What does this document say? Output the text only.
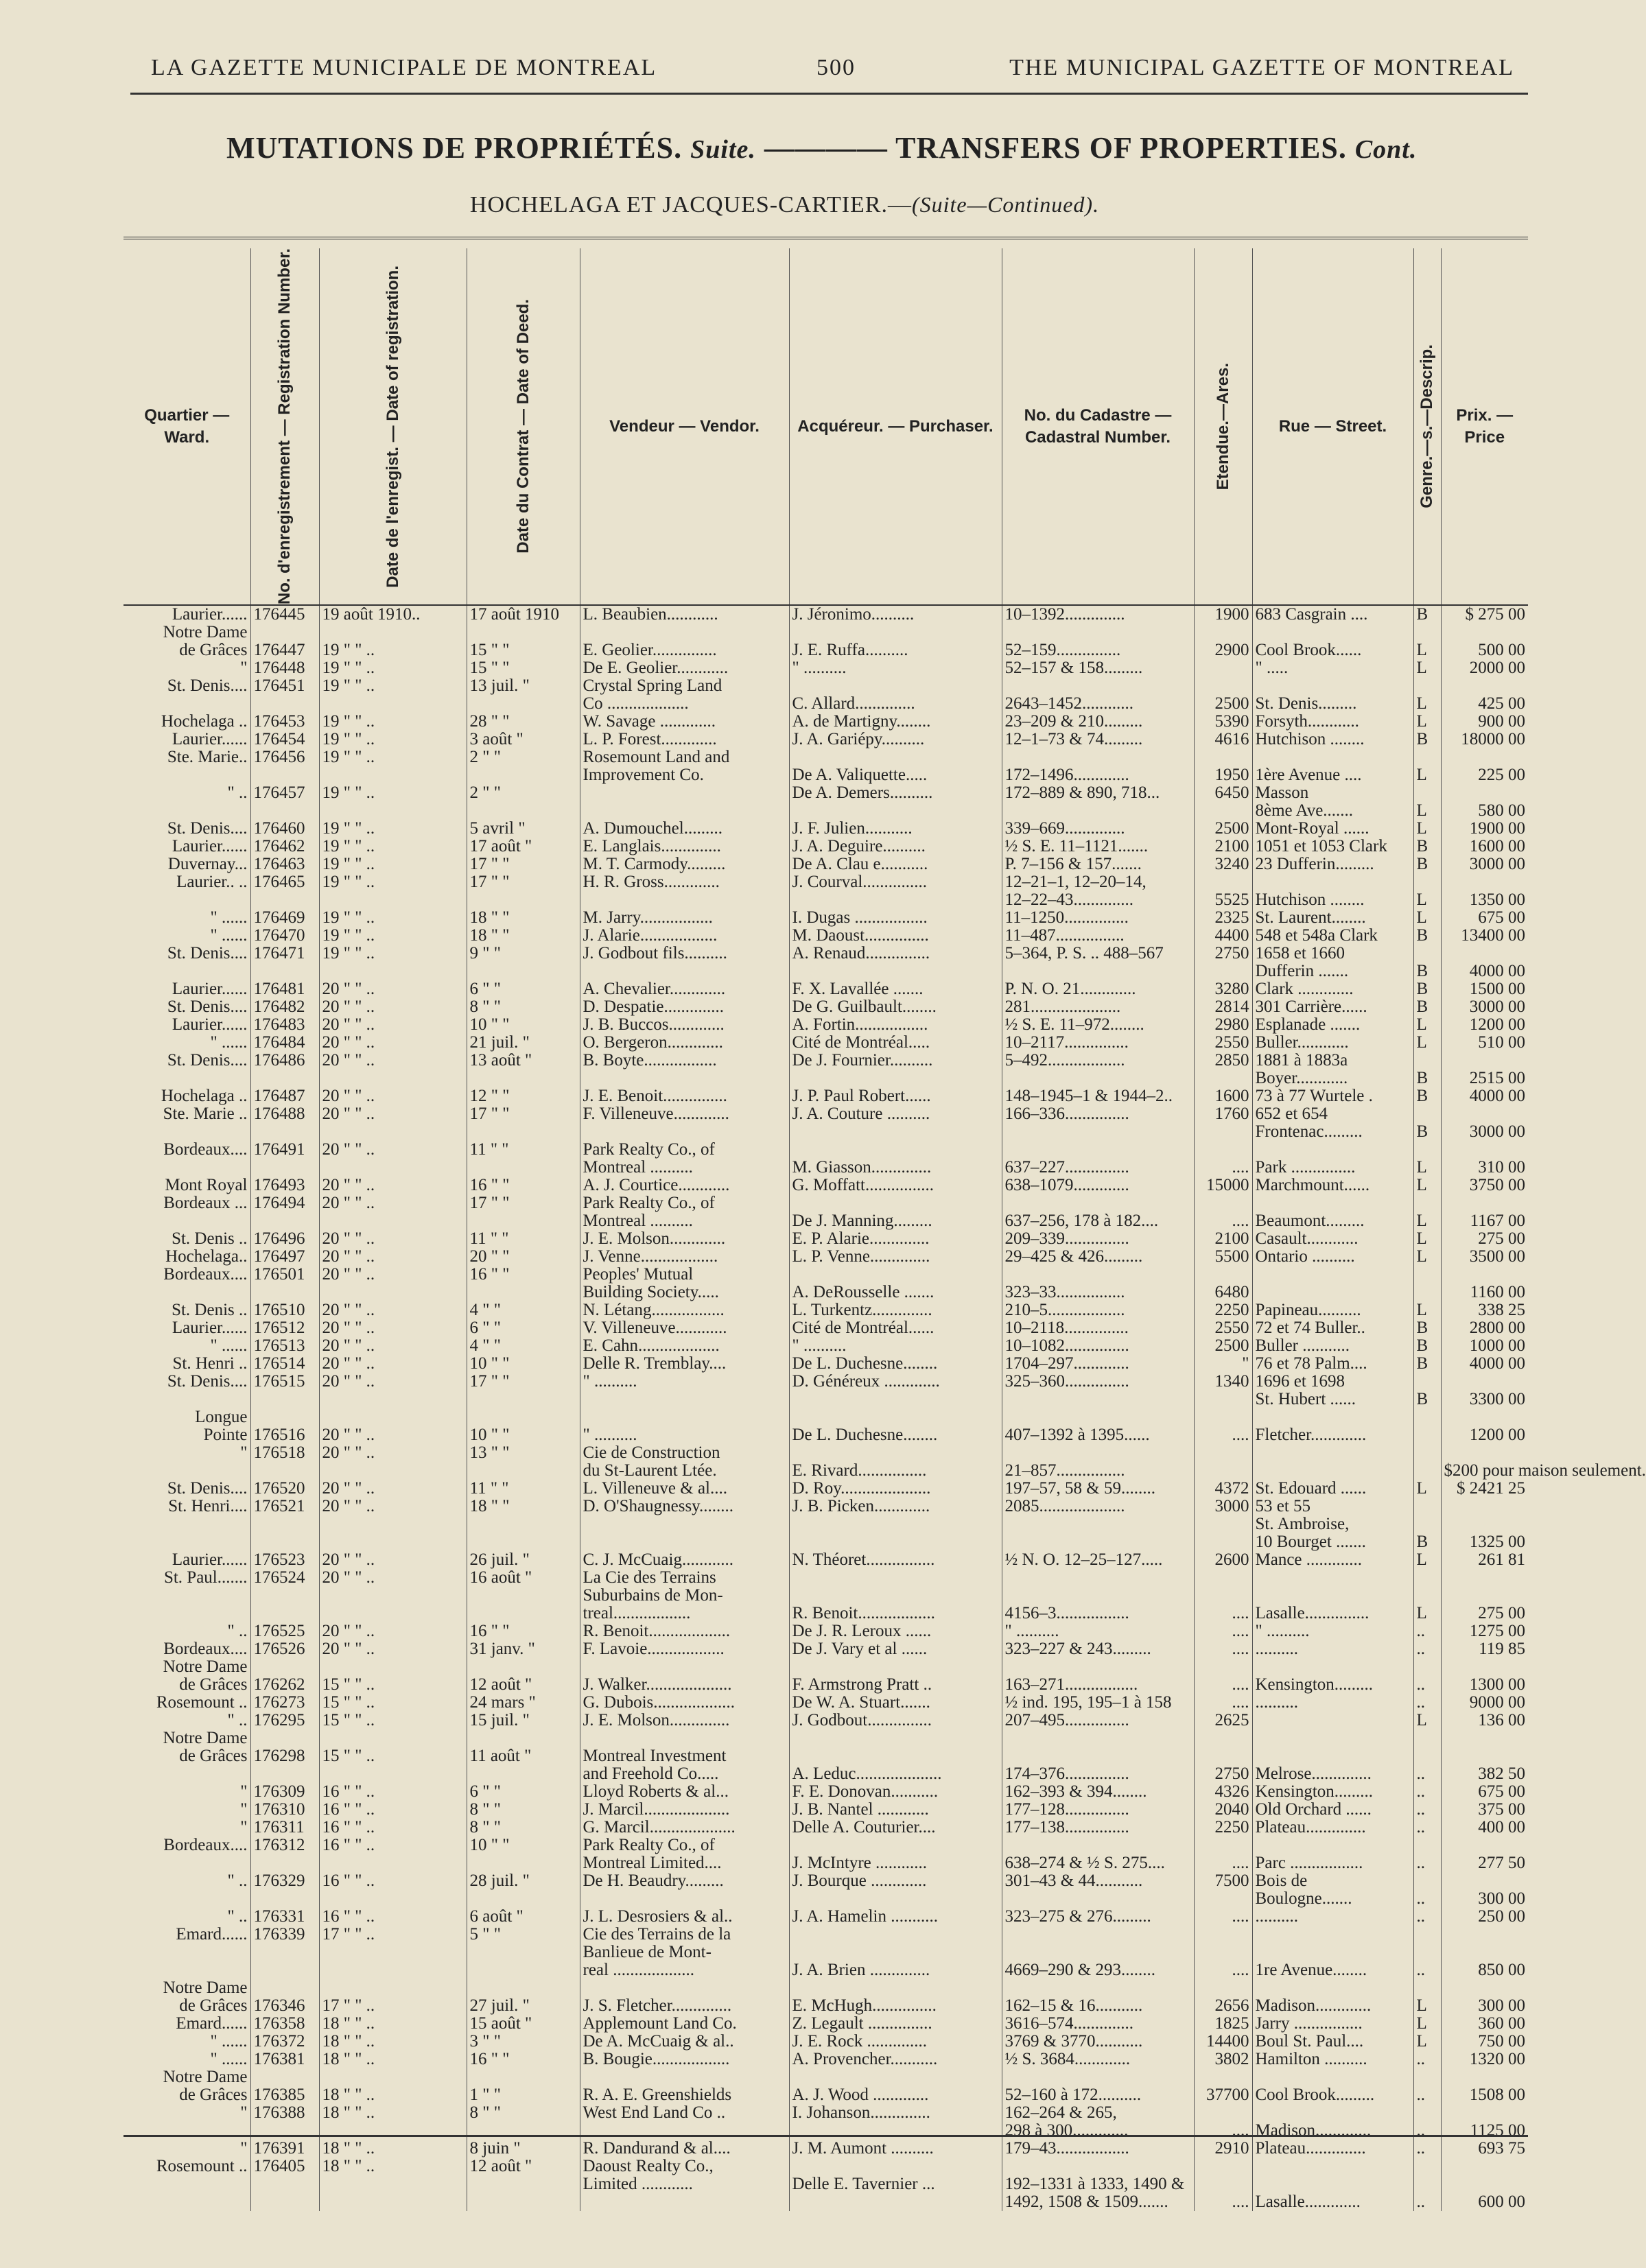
LA GAZETTE MUNICIPALE DE MONTREAL	500	THE MUNICIPAL GAZETTE OF MONTREAL
MUTATIONS DE PROPRIÉTÉS. Suite. ———— TRANSFERS OF PROPERTIES. Cont.
HOCHELAGA ET JACQUES-CARTIER.—(Suite—Continued).
Quartier — Ward.	No. d'enregistrement — Registration Number.	Date de l'enregist. — Date of registration.	Date du Contrat — Date of Deed.	Vendeur — Vendor.	Acquéreur. — Purchaser.	No. du Cadastre — Cadastral Number.	Etendue.—Ares.	Rue — Street.	Genre.—s.—Descrip.	Prix. — Price

Laurier......	176445	19 août 1910..	17 août 1910	L. Beaubien............	J. Jéronimo..........	10–1392..............	1900	683 Casgrain ....	B	$ 275 00
Notre Dame										
de Grâces	176447	19 " " ..	15 " "	E. Geolier...............	J. E. Ruffa..........	52–159...............	2900	Cool Brook......	L	500 00
"	176448	19 " " ..	15 " "	De E. Geolier............	" ..........	52–157 & 158.........		" .....	L	2000 00
St. Denis....	176451	19 " " ..	13 juil. "	Crystal Spring Land						
				Co ...................	C. Allard..............	2643–1452............	2500	St. Denis.........	L	425 00
Hochelaga ..	176453	19 " " ..	28 " "	W. Savage .............	A. de Martigny........	23–209 & 210.........	5390	Forsyth............	L	900 00
Laurier......	176454	19 " " ..	3 août "	L. P. Forest.............	J. A. Gariépy..........	12–1–73 & 74.........	4616	Hutchison ........	B	18000 00
Ste. Marie..	176456	19 " " ..	2 " "	Rosemount Land and						
				Improvement Co.	De A. Valiquette.....	172–1496.............	1950	1ère Avenue ....	L	225 00
" ..	176457	19 " " ..	2 " "		De A. Demers..........	172–889 & 890, 718...	6450	Masson		
								8ème Ave.......	L	580 00
St. Denis....	176460	19 " " ..	5 avril "	A. Dumouchel.........	J. F. Julien...........	339–669..............	2500	Mont-Royal ......	L	1900 00
Laurier......	176462	19 " " ..	17 août "	E. Langlais..............	J. A. Deguire..........	½ S. E. 11–1121.......	2100	1051 et 1053 Clark	B	1600 00
Duvernay...	176463	19 " " ..	17 " "	M. T. Carmody.........	De A. Clau e...........	P. 7–156 & 157.......	3240	23 Dufferin.........	B	3000 00
Laurier.. ..	176465	19 " " ..	17 " "	H. R. Gross.............	J. Courval...............	12–21–1, 12–20–14,				
						12–22–43..............	5525	Hutchison ........	L	1350 00
" ......	176469	19 " " ..	18 " "	M. Jarry.................	I. Dugas .................	11–1250...............	2325	St. Laurent........	L	675 00
" ......	176470	19 " " ..	18 " "	J. Alarie..................	M. Daoust...............	11–487................	4400	548 et 548a Clark	B	13400 00
St. Denis....	176471	19 " " ..	9 " "	J. Godbout fils..........	A. Renaud...............	5–364, P. S. .. 488–567	2750	1658 et 1660		
								Dufferin .......	B	4000 00
Laurier......	176481	20 " " ..	6 " "	A. Chevalier.............	F. X. Lavallée .......	P. N. O. 21.............	3280	Clark .............	B	1500 00
St. Denis....	176482	20 " " ..	8 " "	D. Despatie..............	De G. Guilbault........	281.....................	2814	301 Carrière......	B	3000 00
Laurier......	176483	20 " " ..	10 " "	J. B. Buccos.............	A. Fortin.................	½ S. E. 11–972........	2980	Esplanade .......	L	1200 00
" ......	176484	20 " " ..	21 juil. "	O. Bergeron.............	Cité de Montréal.....	10–2117...............	2550	Buller............	L	510 00
St. Denis....	176486	20 " " ..	13 août "	B. Boyte.................	De J. Fournier..........	5–492..................	2850	1881 à 1883a		
								Boyer............	B	2515 00
Hochelaga ..	176487	20 " " ..	12 " "	J. E. Benoit...............	J. P. Paul Robert......	148–1945–1 & 1944–2..	1600	73 à 77 Wurtele .	B	4000 00
Ste. Marie ..	176488	20 " " ..	17 " "	F. Villeneuve.............	J. A. Couture ..........	166–336...............	1760	652 et 654		
								Frontenac.........	B	3000 00
Bordeaux....	176491	20 " " ..	11 " "	Park Realty Co., of						
				Montreal ..........	M. Giasson..............	637–227...............	....	Park ...............	L	310 00
Mont Royal	176493	20 " " ..	16 " "	A. J. Courtice............	G. Moffatt................	638–1079.............	15000	Marchmount......	L	3750 00
Bordeaux ...	176494	20 " " ..	17 " "	Park Realty Co., of						
				Montreal ..........	De J. Manning.........	637–256, 178 à 182....	....	Beaumont.........	L	1167 00
St. Denis ..	176496	20 " " ..	11 " "	J. E. Molson.............	E. P. Alarie..............	209–339...............	2100	Casault............	L	275 00
Hochelaga..	176497	20 " " ..	20 " "	J. Venne..................	L. P. Venne..............	29–425 & 426.........	5500	Ontario ..........	L	3500 00
Bordeaux....	176501	20 " " ..	16 " "	Peoples' Mutual						
				Building Society.....	A. DeRousselle .......	323–33................	6480			1160 00
St. Denis ..	176510	20 " " ..	4 " "	N. Létang.................	L. Turkentz..............	210–5..................	2250	Papineau..........	L	338 25
Laurier......	176512	20 " " ..	6 " "	V. Villeneuve............	Cité de Montréal......	10–2118...............	2550	72 et 74 Buller..	B	2800 00
" ......	176513	20 " " ..	4 " "	E. Cahn...................	" ..........	10–1082...............	2500	Buller ...........	B	1000 00
St. Henri ..	176514	20 " " ..	10 " "	Delle R. Tremblay....	De L. Duchesne........	1704–297.............	"	76 et 78 Palm....	B	4000 00
St. Denis....	176515	20 " " ..	17 " "	" ..........	D. Généreux .............	325–360...............	1340	1696 et 1698		
								St. Hubert ......	B	3300 00
Longue										
Pointe	176516	20 " " ..	10 " "	" ..........	De L. Duchesne........	407–1392 à 1395......	....	Fletcher.............		1200 00
"	176518	20 " " ..	13 " "	Cie de Construction						
				du St-Laurent Ltée.	E. Rivard................	21–857................				$200 pour maison seulement.
St. Denis....	176520	20 " " ..	11 " "	L. Villeneuve & al....	D. Roy.....................	197–57, 58 & 59........	4372	St. Edouard ......	L	$ 2421 25
St. Henri....	176521	20 " " ..	18 " "	D. O'Shaugnessy........	J. B. Picken.............	2085....................	3000	53 et 55		
								St. Ambroise,		
								10 Bourget .......	B	1325 00
Laurier......	176523	20 " " ..	26 juil. "	C. J. McCuaig............	N. Théoret................	½ N. O. 12–25–127.....	2600	Mance .............	L	261 81
St. Paul.......	176524	20 " " ..	16 août "	La Cie des Terrains						
				Suburbains de Mon-						
				treal..................	R. Benoit..................	4156–3.................	....	Lasalle...............	L	275 00
" ..	176525	20 " " ..	16 " "	R. Benoit...................	De J. R. Leroux ......	" ..........	....	" ..........	..	1275 00
Bordeaux....	176526	20 " " ..	31 janv. "	F. Lavoie..................	De J. Vary et al ......	323–227 & 243.........	....	..........	..	119 85
Notre Dame										
de Grâces	176262	15 " " ..	12 août "	J. Walker....................	F. Armstrong Pratt ..	163–271.................	....	Kensington.........	..	1300 00
Rosemount ..	176273	15 " " ..	24 mars "	G. Dubois...................	De W. A. Stuart.......	½ ind. 195, 195–1 à 158	....	..........	..	9000 00
" ..	176295	15 " " ..	15 juil. "	J. E. Molson..............	J. Godbout...............	207–495...............	2625		L	136 00
Notre Dame										
de Grâces	176298	15 " " ..	11 août "	Montreal Investment						
				and Freehold Co.....	A. Leduc....................	174–376...............	2750	Melrose..............	..	382 50
"	176309	16 " " ..	6 " "	Lloyd Roberts & al...	F. E. Donovan...........	162–393 & 394........	4326	Kensington.........	..	675 00
"	176310	16 " " ..	8 " "	J. Marcil....................	J. B. Nantel ............	177–128...............	2040	Old Orchard ......	..	375 00
"	176311	16 " " ..	8 " "	G. Marcil....................	Delle A. Couturier....	177–138...............	2250	Plateau..............	..	400 00
Bordeaux....	176312	16 " " ..	10 " "	Park Realty Co., of						
				Montreal Limited....	J. McIntyre ............	638–274 & ½ S. 275....	....	Parc .................	..	277 50
" ..	176329	16 " " ..	28 juil. "	De H. Beaudry.........	J. Bourque .............	301–43 & 44...........	7500	Bois de		
								Boulogne.......	..	300 00
" ..	176331	16 " " ..	6 août "	J. L. Desrosiers & al..	J. A. Hamelin ...........	323–275 & 276.........	....	..........	..	250 00
Emard......	176339	17 " " ..	5 " "	Cie des Terrains de la						
				Banlieue de Mont-						
				real ...................	J. A. Brien ..............	4669–290 & 293........	....	1re Avenue........	..	850 00
Notre Dame										
de Grâces	176346	17 " " ..	27 juil. "	J. S. Fletcher..............	E. McHugh...............	162–15 & 16...........	2656	Madison.............	L	300 00
Emard......	176358	18 " " ..	15 août "	Applemount Land Co.	Z. Legault ...............	3616–574..............	1825	Jarry ................	L	360 00
" ......	176372	18 " " ..	3 " "	De A. McCuaig & al..	J. E. Rock ..............	3769 & 3770...........	14400	Boul St. Paul....	L	750 00
" ......	176381	18 " " ..	16 " "	B. Bougie..................	A. Provencher...........	½ S. 3684.............	3802	Hamilton ..........	..	1320 00
Notre Dame										
de Grâces	176385	18 " " ..	1 " "	R. A. E. Greenshields	A. J. Wood .............	52–160 à 172..........	37700	Cool Brook.........	..	1508 00
"	176388	18 " " ..	8 " "	West End Land Co ..	I. Johanson..............	162–264 & 265,				
						298 à 300.............	....	Madison.............	..	1125 00
"	176391	18 " " ..	8 juin "	R. Dandurand & al....	J. M. Aumont ..........	179–43.................	2910	Plateau..............	..	693 75
Rosemount ..	176405	18 " " ..	12 août "	Daoust Realty Co.,						
				Limited ............	Delle E. Tavernier ...	192–1331 à 1333, 1490 &				
						1492, 1508 & 1509.......	....	Lasalle.............	..	600 00
